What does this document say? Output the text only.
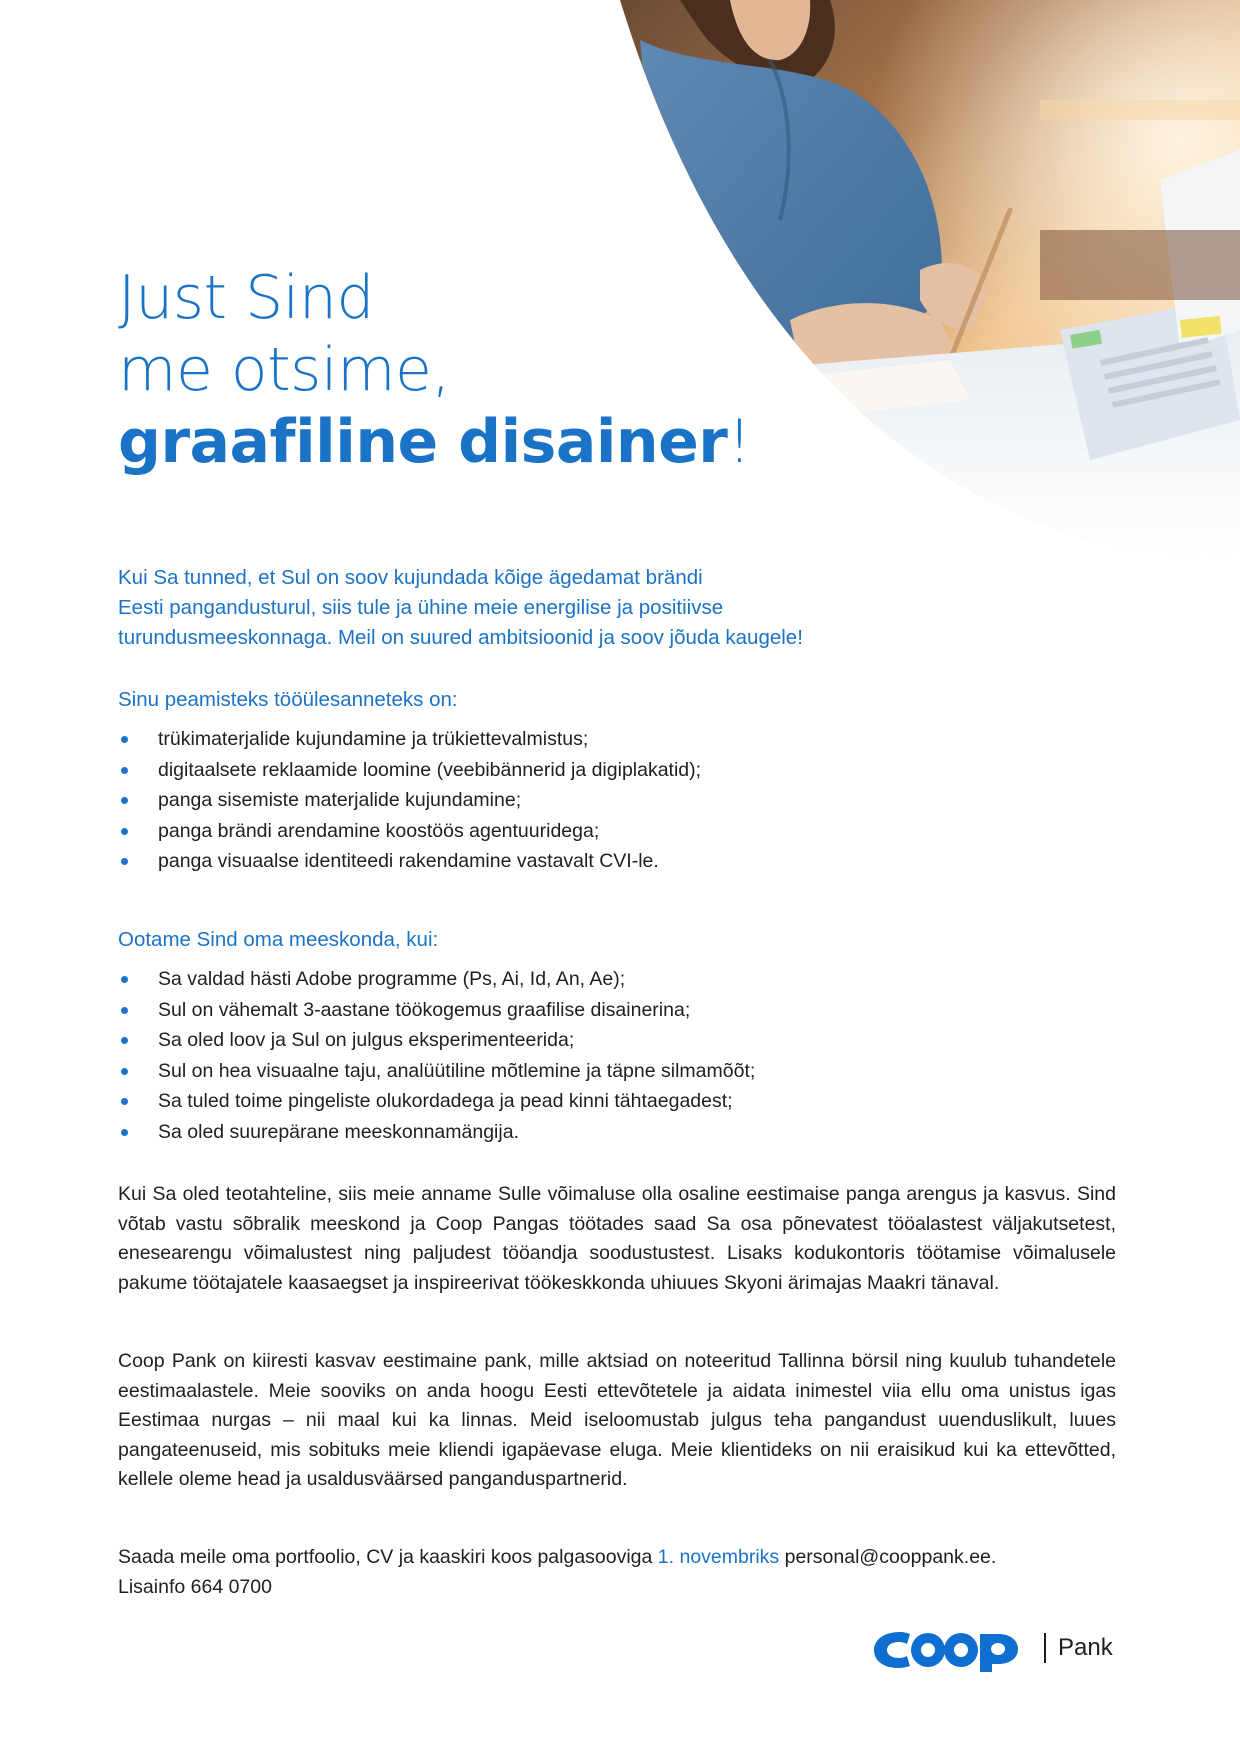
Just Sind
me otsime,
graafiline disainer!

Kui Sa tunned, et Sul on soov kujundada kõige ägedamat brändi
Eesti pangandusturul, siis tule ja ühine meie energilise ja positiivse
turundusmeeskonnaga. Meil on suured ambitsioonid ja soov jõuda kaugele!

Sinu peamisteks tööülesanneteks on:
trükimaterjalide kujundamine ja trükiettevalmistus;
digitaalsete reklaamide loomine (veebibännerid ja digiplakatid);
panga sisemiste materjalide kujundamine;
panga brändi arendamine koostöös agentuuridega;
panga visuaalse identiteedi rakendamine vastavalt CVI-le.
Ootame Sind oma meeskonda, kui:
Sa valdad hästi Adobe programme (Ps, Ai, Id, An, Ae);
Sul on vähemalt 3-aastane töökogemus graafilise disainerina;
Sa oled loov ja Sul on julgus eksperimenteerida;
Sul on hea visuaalne taju, analüütiline mõtlemine ja täpne silmamõõt;
Sa tuled toime pingeliste olukordadega ja pead kinni tähtaegadest;
Sa oled suurepärane meeskonnamängija.

Kui Sa oled teotahteline, siis meie anname Sulle võimaluse olla osaline eestimaise panga arengus ja kasvus. Sind võtab vastu sõbralik meeskond ja Coop Pangas töötades saad Sa osa põnevatest tööalastest väljakutsetest, enesearengu võimalustest ning paljudest tööandja soodustustest. Lisaks kodukontoris töötamise võimalusele pakume töötajatele kaasaegset ja inspireerivat töökeskkonda uhiuues Skyoni ärimajas Maakri tänaval.

Coop Pank on kiiresti kasvav eestimaine pank, mille aktsiad on noteeritud Tallinna börsil ning kuulub tuhandetele eestimaalastele. Meie sooviks on anda hoogu Eesti ettevõtetele ja aidata inimestel viia ellu oma unistus igas Eestimaa nurgas – nii maal kui ka linnas. Meid iseloomustab julgus teha pangandust uuenduslikult, luues pangateenuseid, mis sobituks meie kliendi igapäevase eluga. Meie klientideks on nii eraisikud kui ka ettevõtted, kellele oleme head ja usaldusväärsed panganduspartnerid.

Saada meile oma portfoolio, CV ja kaaskiri koos palgasooviga 1. novembriks personal@cooppank.ee.
Lisainfo 664 0700

Pank
